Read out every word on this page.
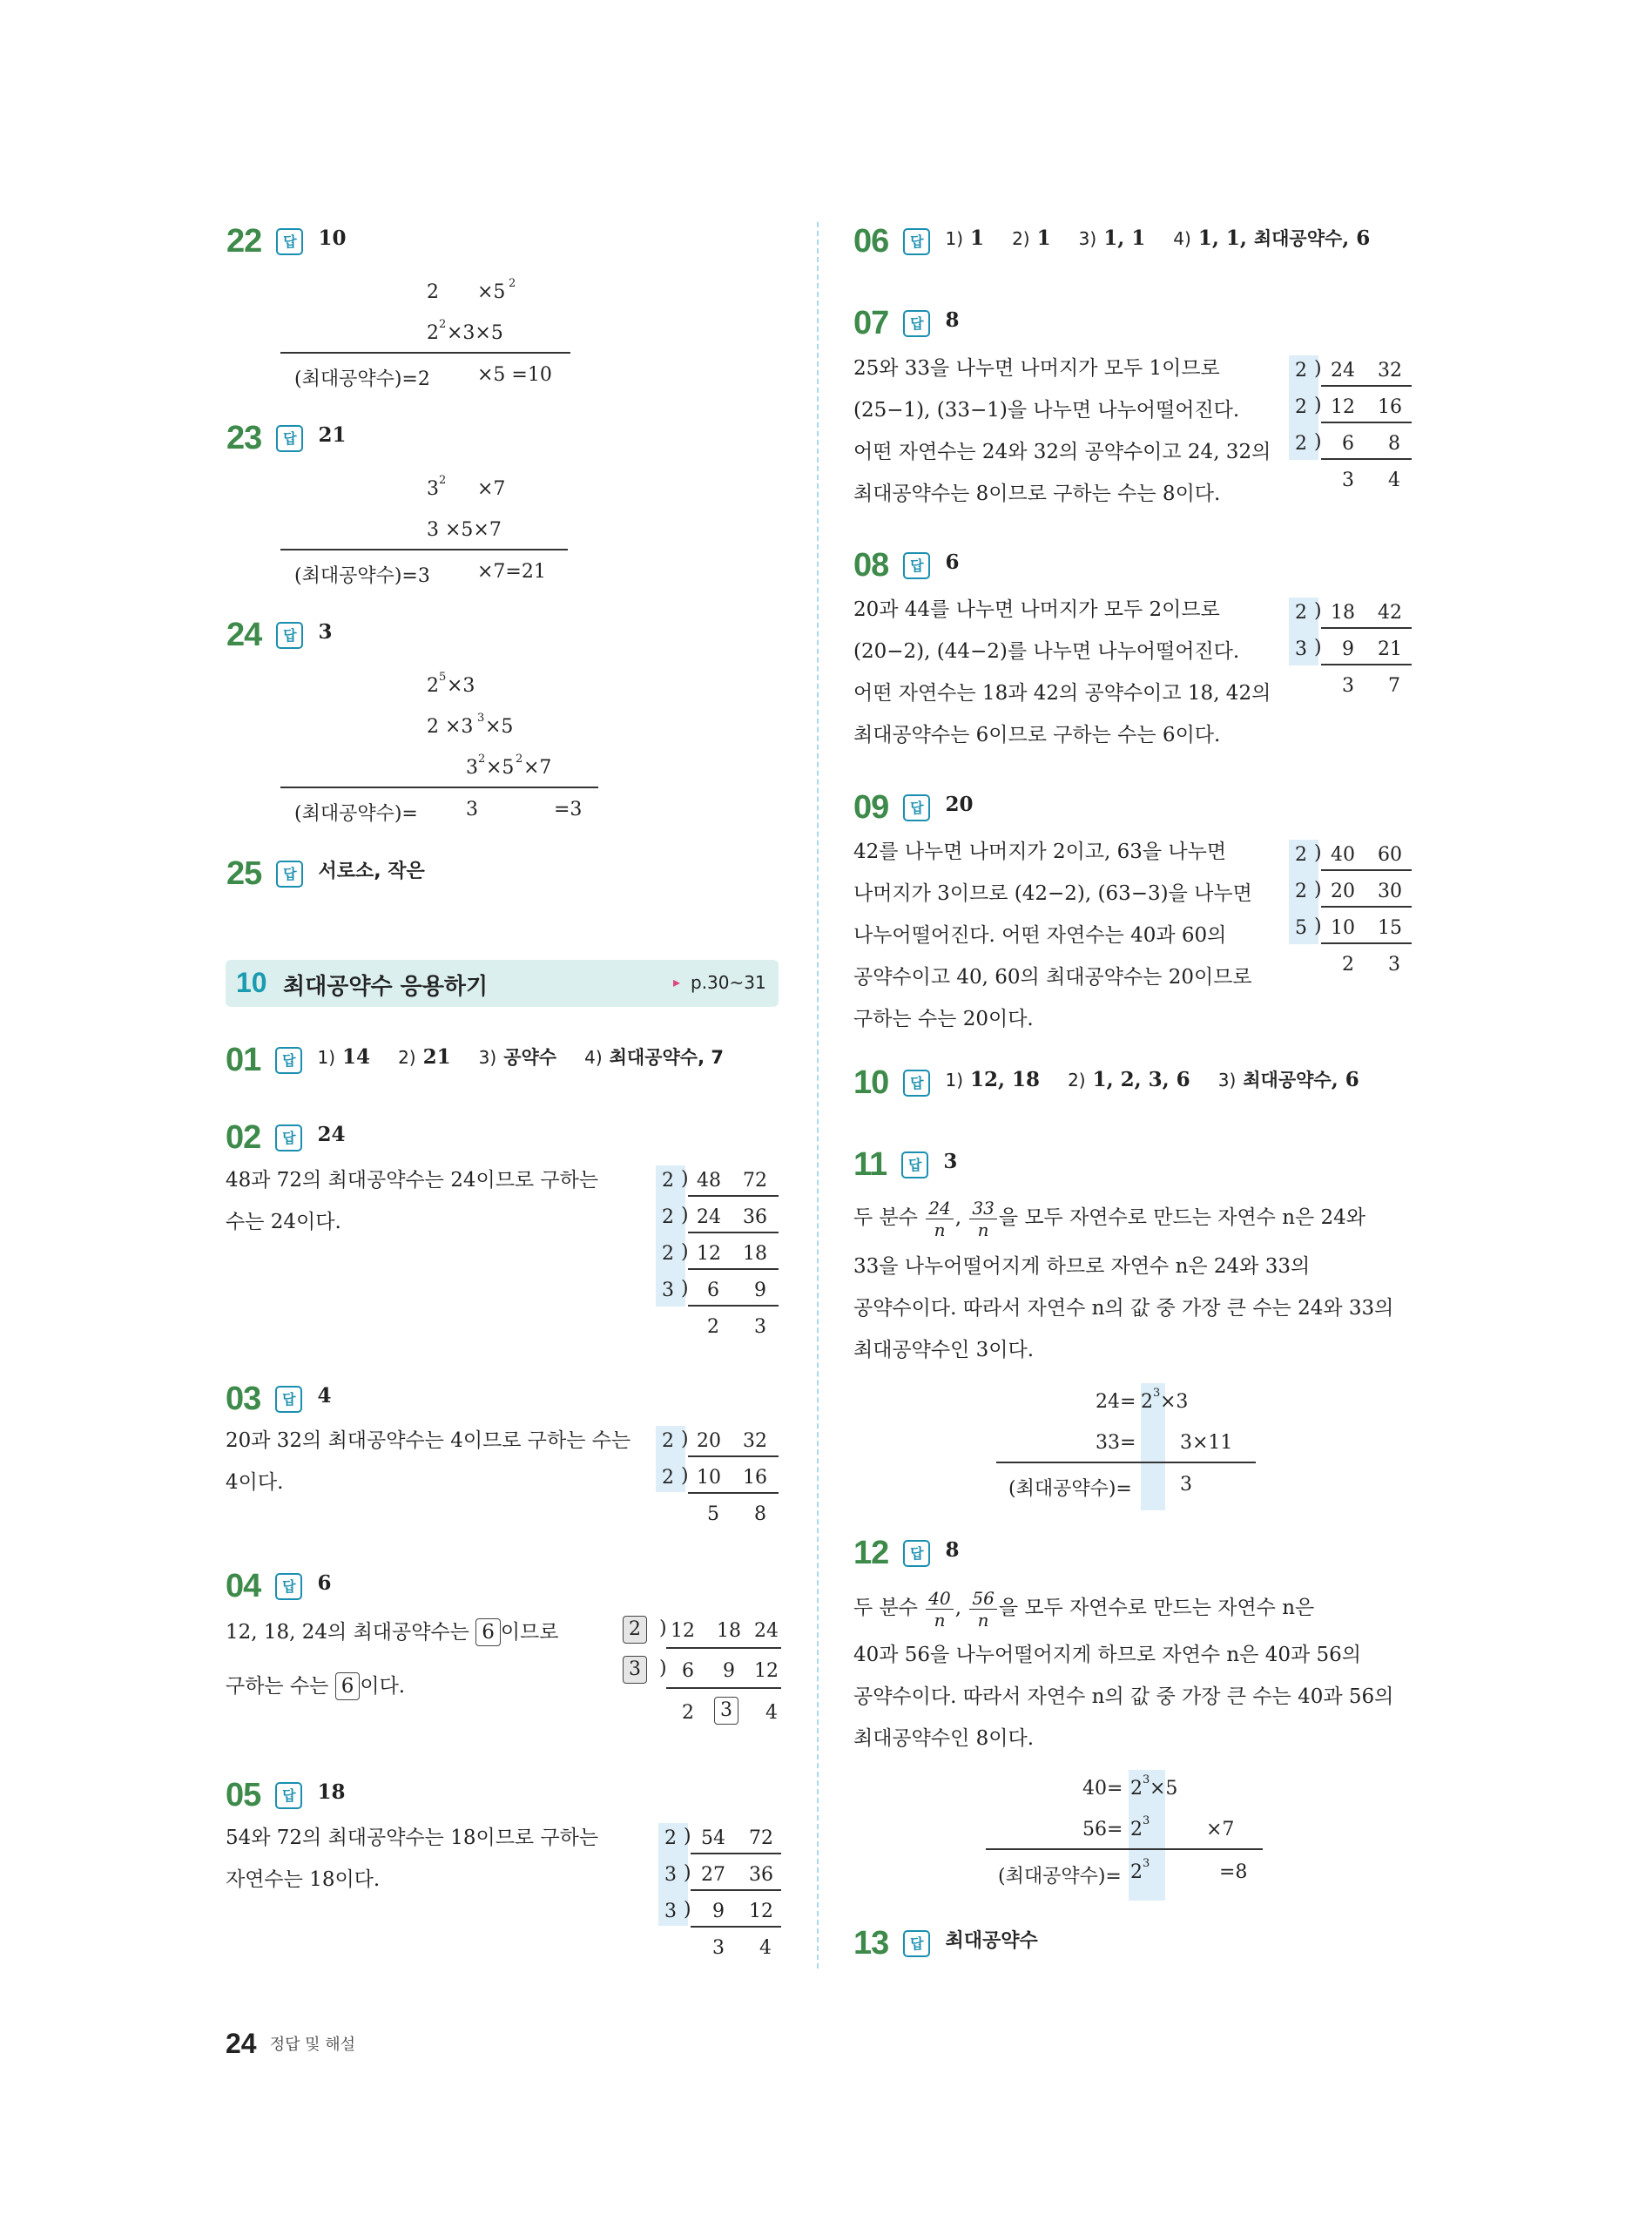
22 답 10
2 ×5 2
2 2 ×3×5
(최대공약수)=2 ×5 =10
23 답 21
3 2 ×7
3 ×5×7
(최대공약수)=3 ×7=21
24 답 3
2 5 ×3
2 ×3 3 ×5
3 2 ×5 2 ×7
(최대공약수)=	3	=3
25 답 서로소, 작은
10 최대공약수 응용하기	▸ p.30~31
01 답 1) 14 2) 21 3) 공약수 4) 최대공약수, 7
02 답 24
48과 72의 최대공약수는 24이므로 구하는
수는 24이다.
2 ) 48 72
2 ) 24 36
2 ) 12 18
3 ) 6 9
2 3
03 답 4
20과 32의 최대공약수는 4이므로 구하는 수는
4이다.
2 ) 20 32
2 ) 10 16
5 8
04 답 6
12, 18, 24의 최대공약수는 6 이므로
구하는 수는 6 이다.
2 ) 12 18 24
3 ) 6 9 12
2	3	4
05 답 18
54와 72의 최대공약수는 18이므로 구하는
자연수는 18이다.
2 ) 54 72
3 ) 27 36
3 ) 9 12
3 4
06 답 1) 1 2) 1 3) 1, 1 4) 1, 1, 최대공약수, 6
07 답 8
25와 33을 나누면 나머지가 모두 1이므로
(25−1), (33−1)을 나누면 나누어떨어진다.
어떤 자연수는 24와 32의 공약수이고 24, 32의
최대공약수는 8이므로 구하는 수는 8이다.
2 ) 24 32
2 ) 12 16
2 ) 6 8
3 4
08 답 6
20과 44를 나누면 나머지가 모두 2이므로
(20−2), (44−2)를 나누면 나누어떨어진다.
어떤 자연수는 18과 42의 공약수이고 18, 42의
최대공약수는 6이므로 구하는 수는 6이다.
2 ) 18 42
3 ) 9 21
3 7
09 답 20
42를 나누면 나머지가 2이고, 63을 나누면
나머지가 3이므로 (42−2), (63−3)을 나누면
나누어떨어진다. 어떤 자연수는 40과 60의
공약수이고 40, 60의 최대공약수는 20이므로
구하는 수는 20이다.
2 ) 40 60
2 ) 20 30
5 ) 10 15
2 3
10 답 1) 12, 18 2) 1, 2, 3, 6 3) 최대공약수, 6
11 답 3
두 분수 $\frac{24}{n}$ , $\frac{33}{n}$ 을 모두 자연수로 만드는 자연수 n은 24와
33을 나누어떨어지게 하므로 자연수 n은 24와 33의
공약수이다. 따라서 자연수 n의 값 중 가장 큰 수는 24와 33의
최대공약수인 3이다.
24= 2 3 ×3
33= 3×11
(최대공약수)=	3
12 답 8
두 분수 $\frac{40}{n}$ , $\frac{56}{n}$ 을 모두 자연수로 만드는 자연수 n은
40과 56을 나누어떨어지게 하므로 자연수 n은 40과 56의
공약수이다. 따라서 자연수 n의 값 중 가장 큰 수는 40과 56의
최대공약수인 8이다.
40= 2 3 ×5
56= 2 3	×7
(최대공약수)= 2 3	=8
13 답 최대공약수
24 정답 및 해설
